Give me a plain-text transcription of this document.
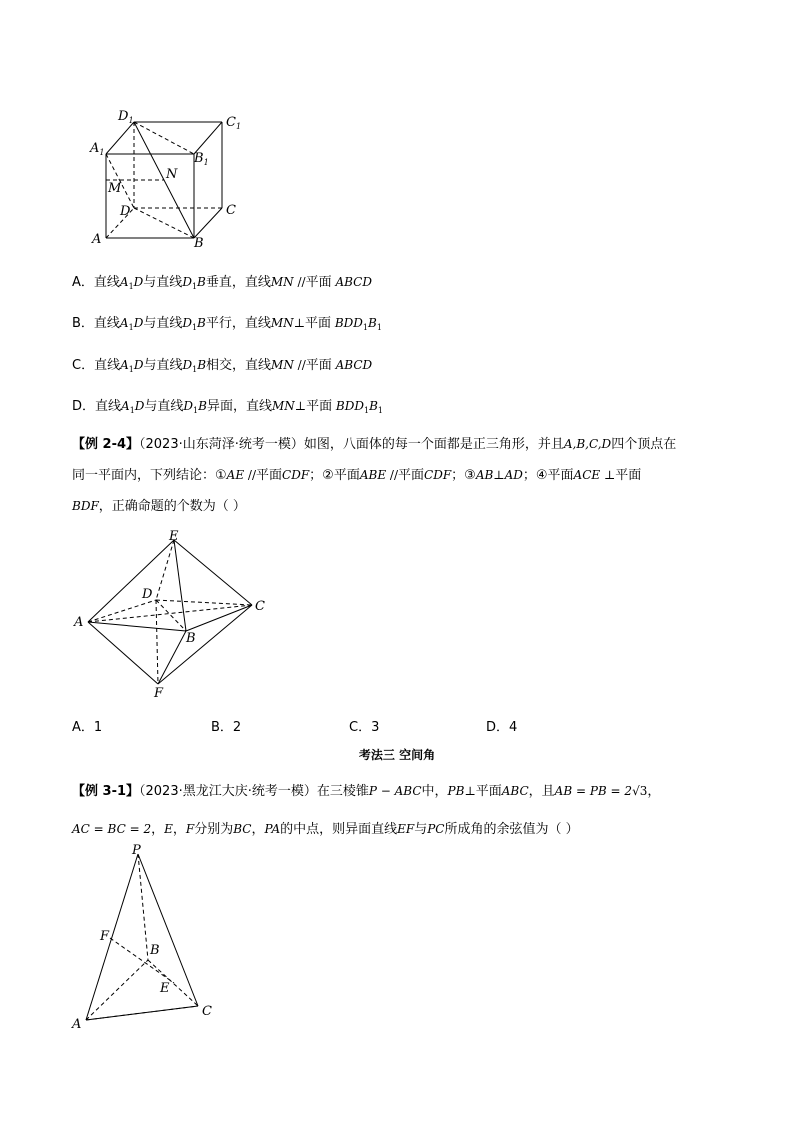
$D_1$	$C_1$
$A_1$	$B_1$
N
M
D	C
A	B
A．直线$A_1D$与直线$D_1B$垂直，直线MN //平面 ABCD
B．直线$A_1D$与直线$D_1B$平行，直线MN⊥平面 $BDD_1B_1$
C．直线$A_1D$与直线$D_1B$相交，直线MN //平面 ABCD
D．直线$A_1D$与直线$D_1B$异面，直线MN⊥平面 $BDD_1B_1$
【例 2-4】（2023·山东菏泽·统考一模）如图，八面体的每一个面都是正三角形，并且A,B,C,D四个顶点在
同一平面内，下列结论：①AE //平面CDF；②平面ABE //平面CDF；③AB⊥AD；④平面ACE ⊥平面
BDF，正确命题的个数为（ ）
E
D
C
A
B
F
A．1	B．2	C．3	D．4
考法三 空间角
【例 3-1】（2023·黑龙江大庆·统考一模）在三棱锥P − ABC中，PB⊥平面ABC，且AB = PB = 2√3，
AC = BC = 2，E，F分别为BC，PA的中点，则异面直线EF与PC所成角的余弦值为（ ）
P
F
B
E
A
C
